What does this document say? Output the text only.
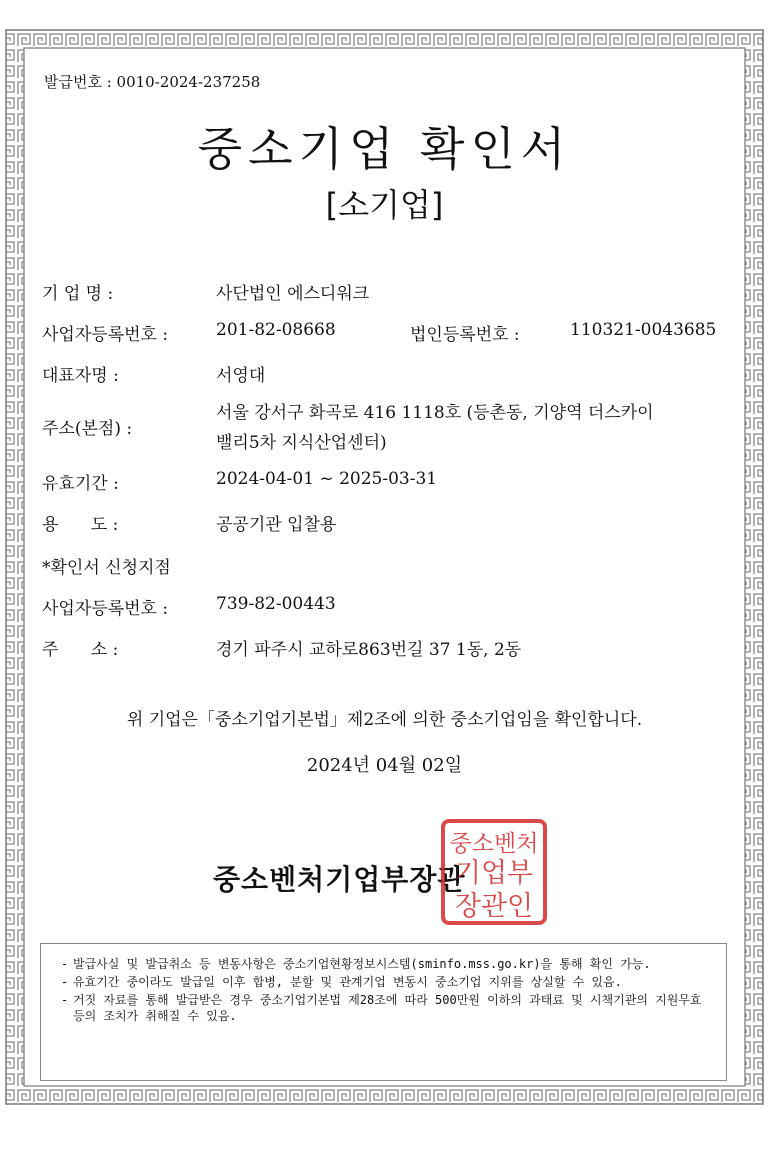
발급번호 : 0010-2024-237258
중소기업 확인서
[소기업]
기 업 명 :	사단법인 에스디워크
사업자등록번호 :	201-82-08668	법인등록번호 :	110321-0043685
대표자명 :	서영대
주소(본점) :
서울 강서구 화곡로 416 1118호 (등촌동, 기양역 더스카이
밸리5차 지식산업센터)
유효기간 :	2024-04-01 ~ 2025-03-31
용      도 :	공공기관 입찰용
*확인서 신청지점
사업자등록번호 :	739-82-00443
주      소 :	경기 파주시 교하로863번길 37 1동, 2동
위 기업은「중소기업기본법」제2조에 의한 중소기업임을 확인합니다.
2024년 04월 02일
중소벤처기업부장관
중소벤처
기업부
장관인
- 발급사실 및 발급취소 등 변동사항은 중소기업현황정보시스템(sminfo.mss.go.kr)을 통해 확인 가능.
- 유효기간 중이라도 발급일 이후 합병, 분할 및 관계기업 변동시 중소기업 지위를 상실할 수 있음.
- 거짓 자료를 통해 발급받은 경우 중소기업기본법 제28조에 따라 500만원 이하의 과태료 및 시책기관의 지원무효 등의 조치가 취해질 수 있음.
